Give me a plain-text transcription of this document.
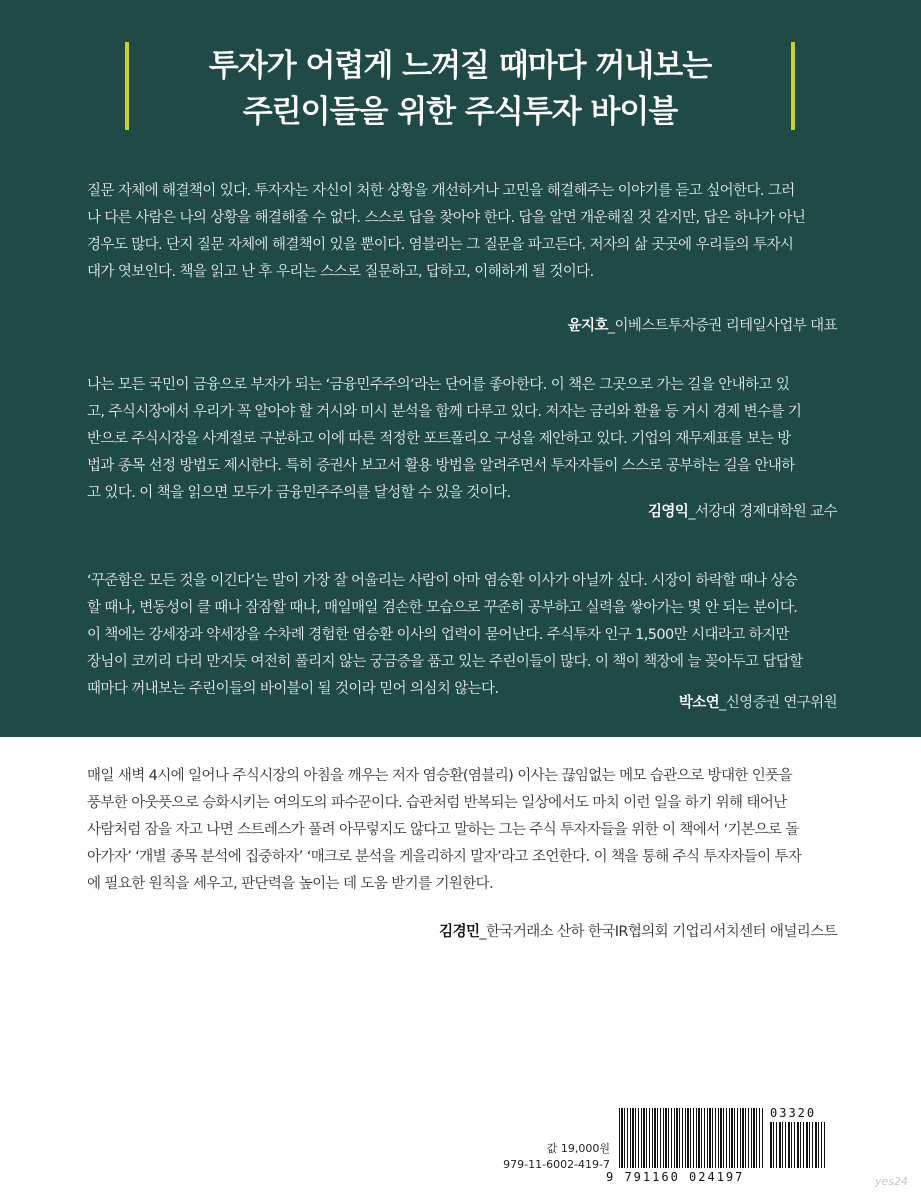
투자가 어렵게 느껴질 때마다 꺼내보는
주린이들을 위한 주식투자 바이블
질문 자체에 해결책이 있다. 투자자는 자신이 처한 상황을 개선하거나 고민을 해결해주는 이야기를 듣고 싶어한다. 그러
나 다른 사람은 나의 상황을 해결해줄 수 없다. 스스로 답을 찾아야 한다. 답을 알면 개운해질 것 같지만, 답은 하나가 아닌
경우도 많다. 단지 질문 자체에 해결책이 있을 뿐이다. 염블리는 그 질문을 파고든다. 저자의 삶 곳곳에 우리들의 투자시
대가 엿보인다. 책을 읽고 난 후 우리는 스스로 질문하고, 답하고, 이해하게 될 것이다.
윤지호_이베스트투자증권 리테일사업부 대표
나는 모든 국민이 금융으로 부자가 되는 ‘금융민주주의’라는 단어를 좋아한다. 이 책은 그곳으로 가는 길을 안내하고 있
고, 주식시장에서 우리가 꼭 알아야 할 거시와 미시 분석을 함께 다루고 있다. 저자는 금리와 환율 등 거시 경제 변수를 기
반으로 주식시장을 사계절로 구분하고 이에 따른 적정한 포트폴리오 구성을 제안하고 있다. 기업의 재무제표를 보는 방
법과 종목 선정 방법도 제시한다. 특히 증권사 보고서 활용 방법을 알려주면서 투자자들이 스스로 공부하는 길을 안내하
고 있다. 이 책을 읽으면 모두가 금융민주주의를 달성할 수 있을 것이다.
김영익_서강대 경제대학원 교수
‘꾸준함은 모든 것을 이긴다’는 말이 가장 잘 어울리는 사람이 아마 염승환 이사가 아닐까 싶다. 시장이 하락할 때나 상승
할 때나, 변동성이 클 때나 잠잠할 때나, 매일매일 겸손한 모습으로 꾸준히 공부하고 실력을 쌓아가는 몇 안 되는 분이다.
이 책에는 강세장과 약세장을 수차례 경험한 염승환 이사의 업력이 묻어난다. 주식투자 인구 1,500만 시대라고 하지만
장님이 코끼리 다리 만지듯 여전히 풀리지 않는 궁금증을 품고 있는 주린이들이 많다. 이 책이 책장에 늘 꽂아두고 답답할
때마다 꺼내보는 주린이들의 바이블이 될 것이라 믿어 의심치 않는다.
박소연_신영증권 연구위원
매일 새벽 4시에 일어나 주식시장의 아침을 깨우는 저자 염승환(염블리) 이사는 끊임없는 메모 습관으로 방대한 인풋을
풍부한 아웃풋으로 승화시키는 여의도의 파수꾼이다. 습관처럼 반복되는 일상에서도 마치 이런 일을 하기 위해 태어난
사람처럼 잠을 자고 나면 스트레스가 풀려 아무렇지도 않다고 말하는 그는 주식 투자자들을 위한 이 책에서 ‘기본으로 돌
아가자’ ‘개별 종목 분석에 집중하자’ ‘매크로 분석을 게을리하지 말자’라고 조언한다. 이 책을 통해 주식 투자자들이 투자
에 필요한 원칙을 세우고, 판단력을 높이는 데 도움 받기를 기원한다.
김경민_한국거래소 산하 한국IR협의회 기업리서치센터 애널리스트
값 19,000원
979-11-6002-419-7
03320
9 791160 024197	yes24
